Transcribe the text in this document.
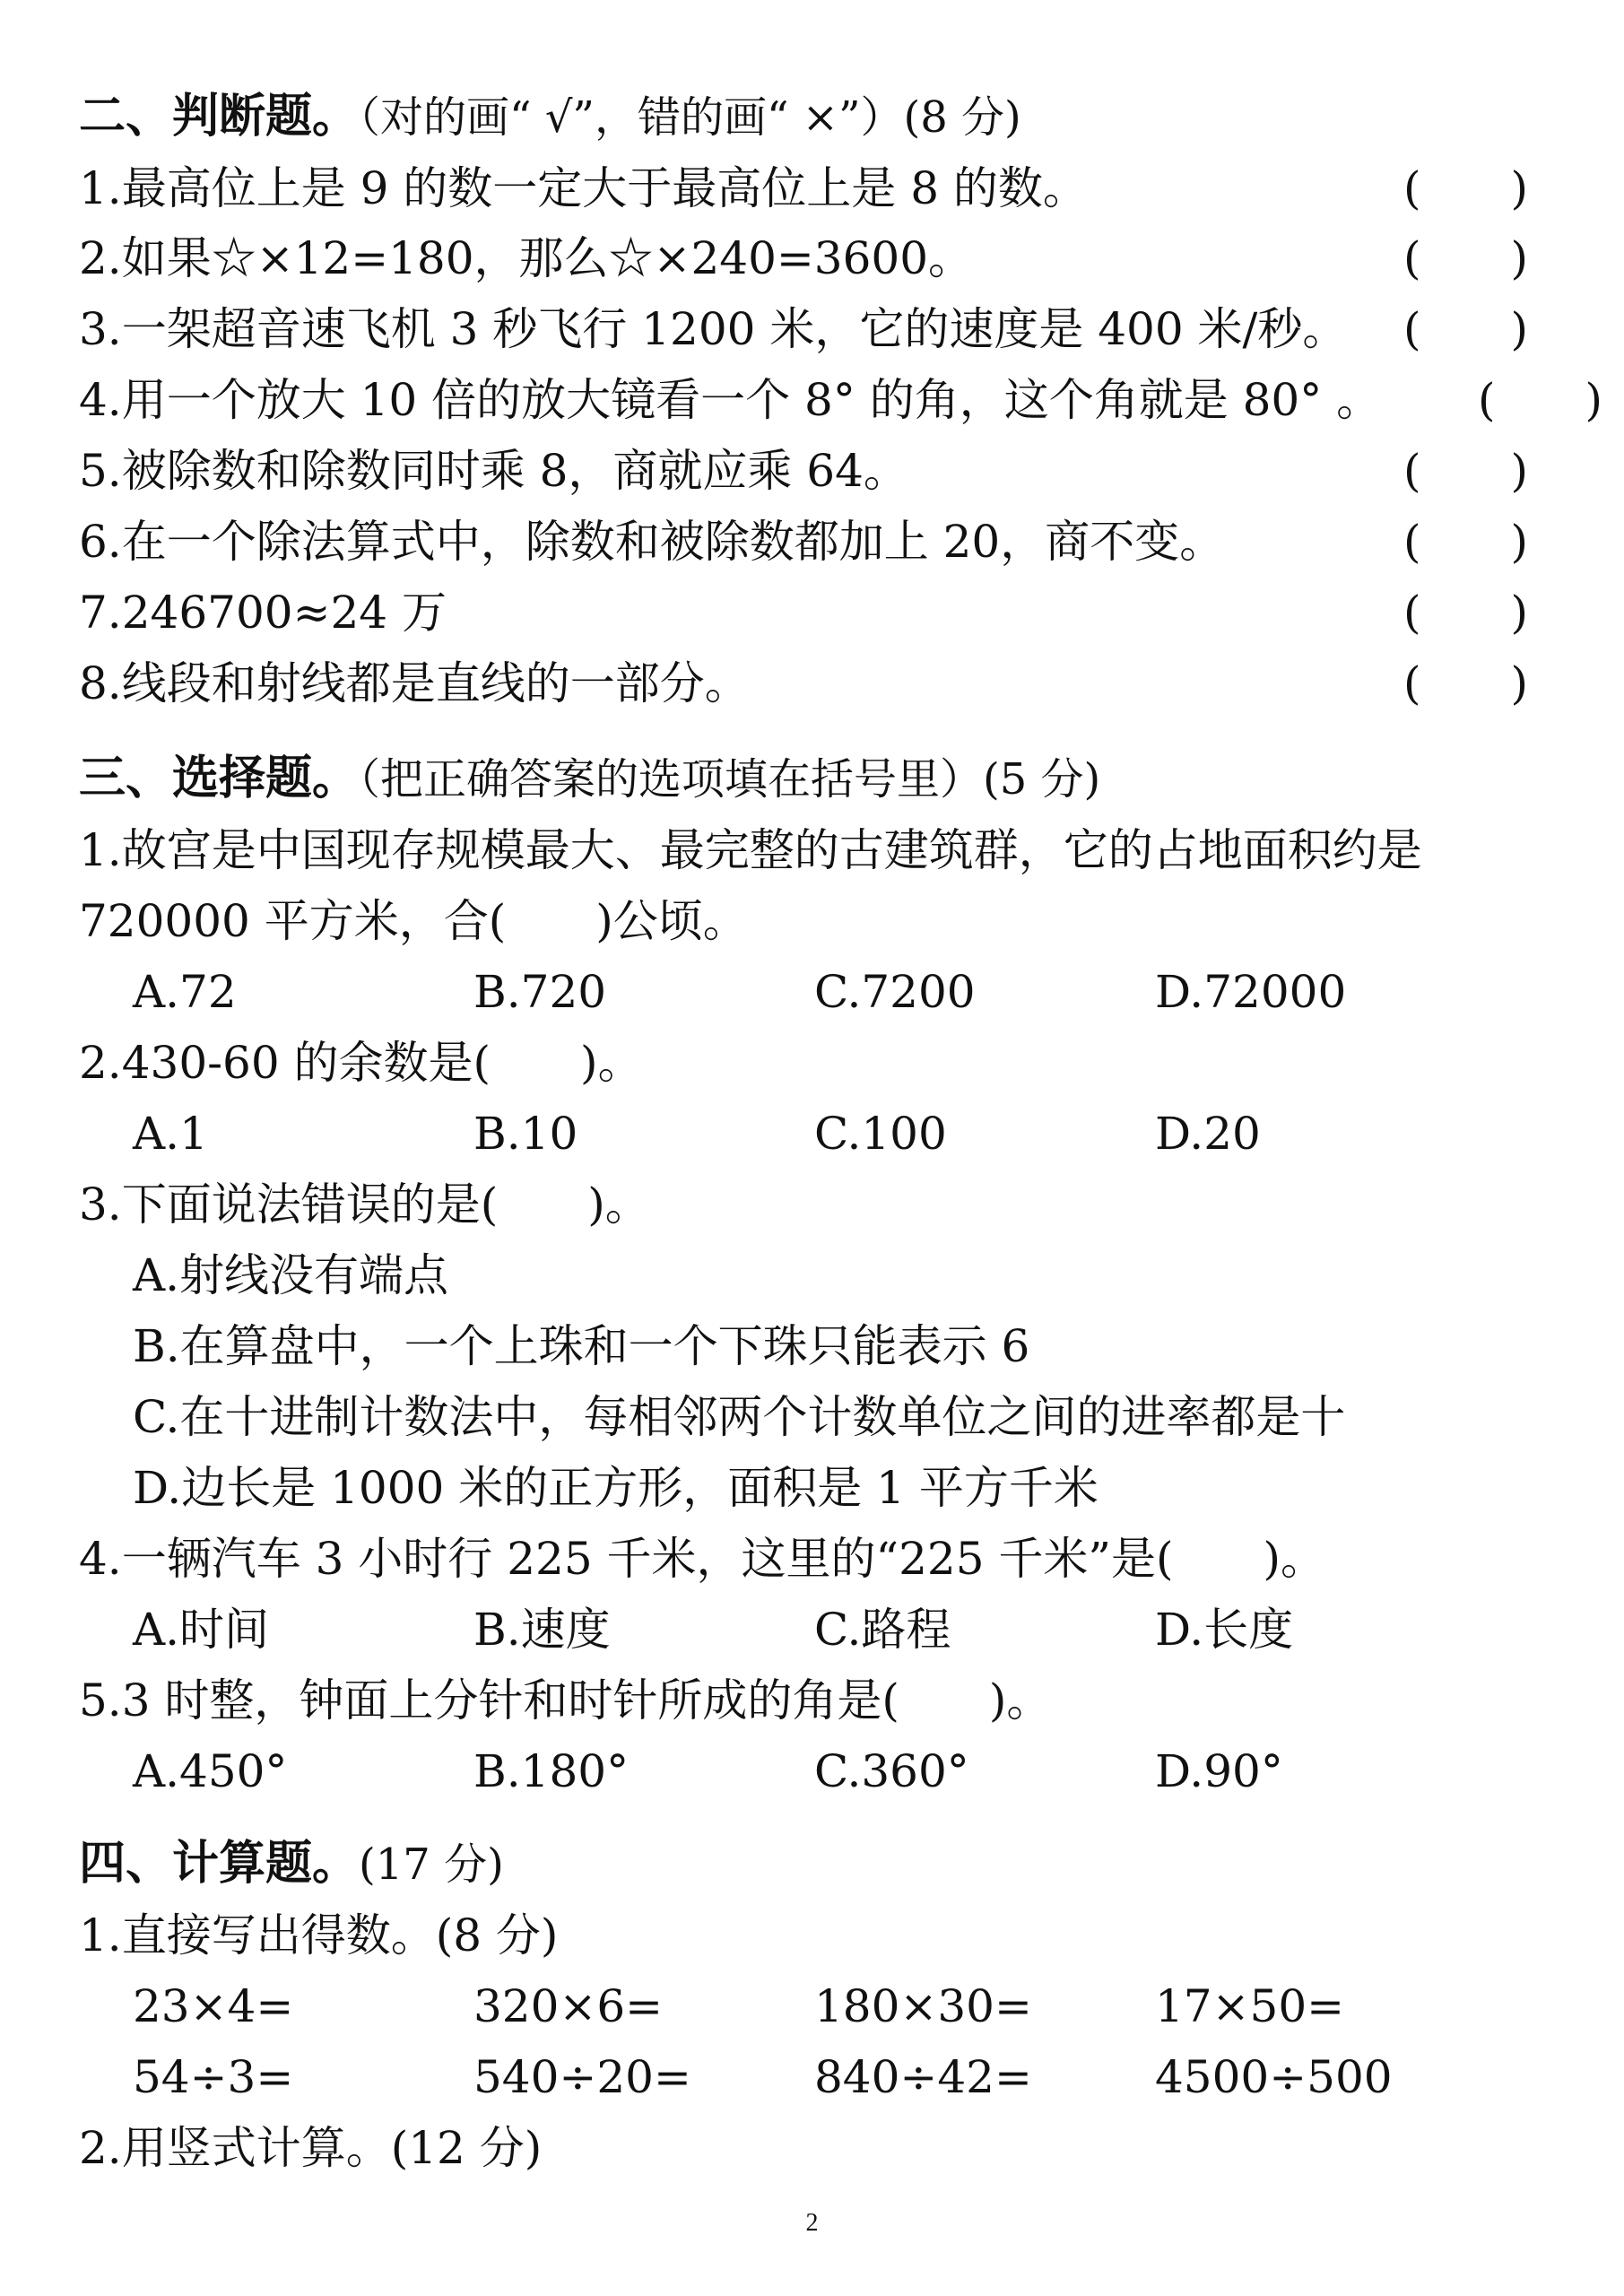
二、判断题。（对的画“ √”，错的画“ ×”）(8 分)
1.最高位上是 9 的数一定大于最高位上是 8 的数。	(　　)
2.如果☆×12=180，那么☆×240=3600。	(　　)
3.一架超音速飞机 3 秒飞行 1200 米，它的速度是 400 米/秒。 (　　)
4.用一个放大 10 倍的放大镜看一个 8° 的角，这个角就是 80° 。 (　　)
5.被除数和除数同时乘 8，商就应乘 64。	(　　)
6.在一个除法算式中，除数和被除数都加上 20，商不变。	(　　)
7.246700≈24 万	(　　)
8.线段和射线都是直线的一部分。	(　　)
三、选择题。（把正确答案的选项填在括号里）(5 分)
1.故宫是中国现存规模最大、最完整的古建筑群，它的占地面积约是
720000 平方米，合(　　)公顷。
A.72	B.720	C.7200	D.72000
2.430-60 的余数是(　　)。
A.1	B.10	C.100	D.20
3.下面说法错误的是(　　)。
A.射线没有端点
B.在算盘中，一个上珠和一个下珠只能表示 6
C.在十进制计数法中，每相邻两个计数单位之间的进率都是十
D.边长是 1000 米的正方形，面积是 1 平方千米
4.一辆汽车 3 小时行 225 千米，这里的“225 千米”是(　　)。
A.时间	B.速度	C.路程	D.长度
5.3 时整，钟面上分针和时针所成的角是(　　)。
A.450°	B.180°	C.360°	D.90°
四、计算题。(17 分)
1.直接写出得数。(8 分)
23×4=	320×6=	180×30=	17×50=
54÷3=	540÷20=	840÷42=	4500÷500
2.用竖式计算。(12 分)
2
